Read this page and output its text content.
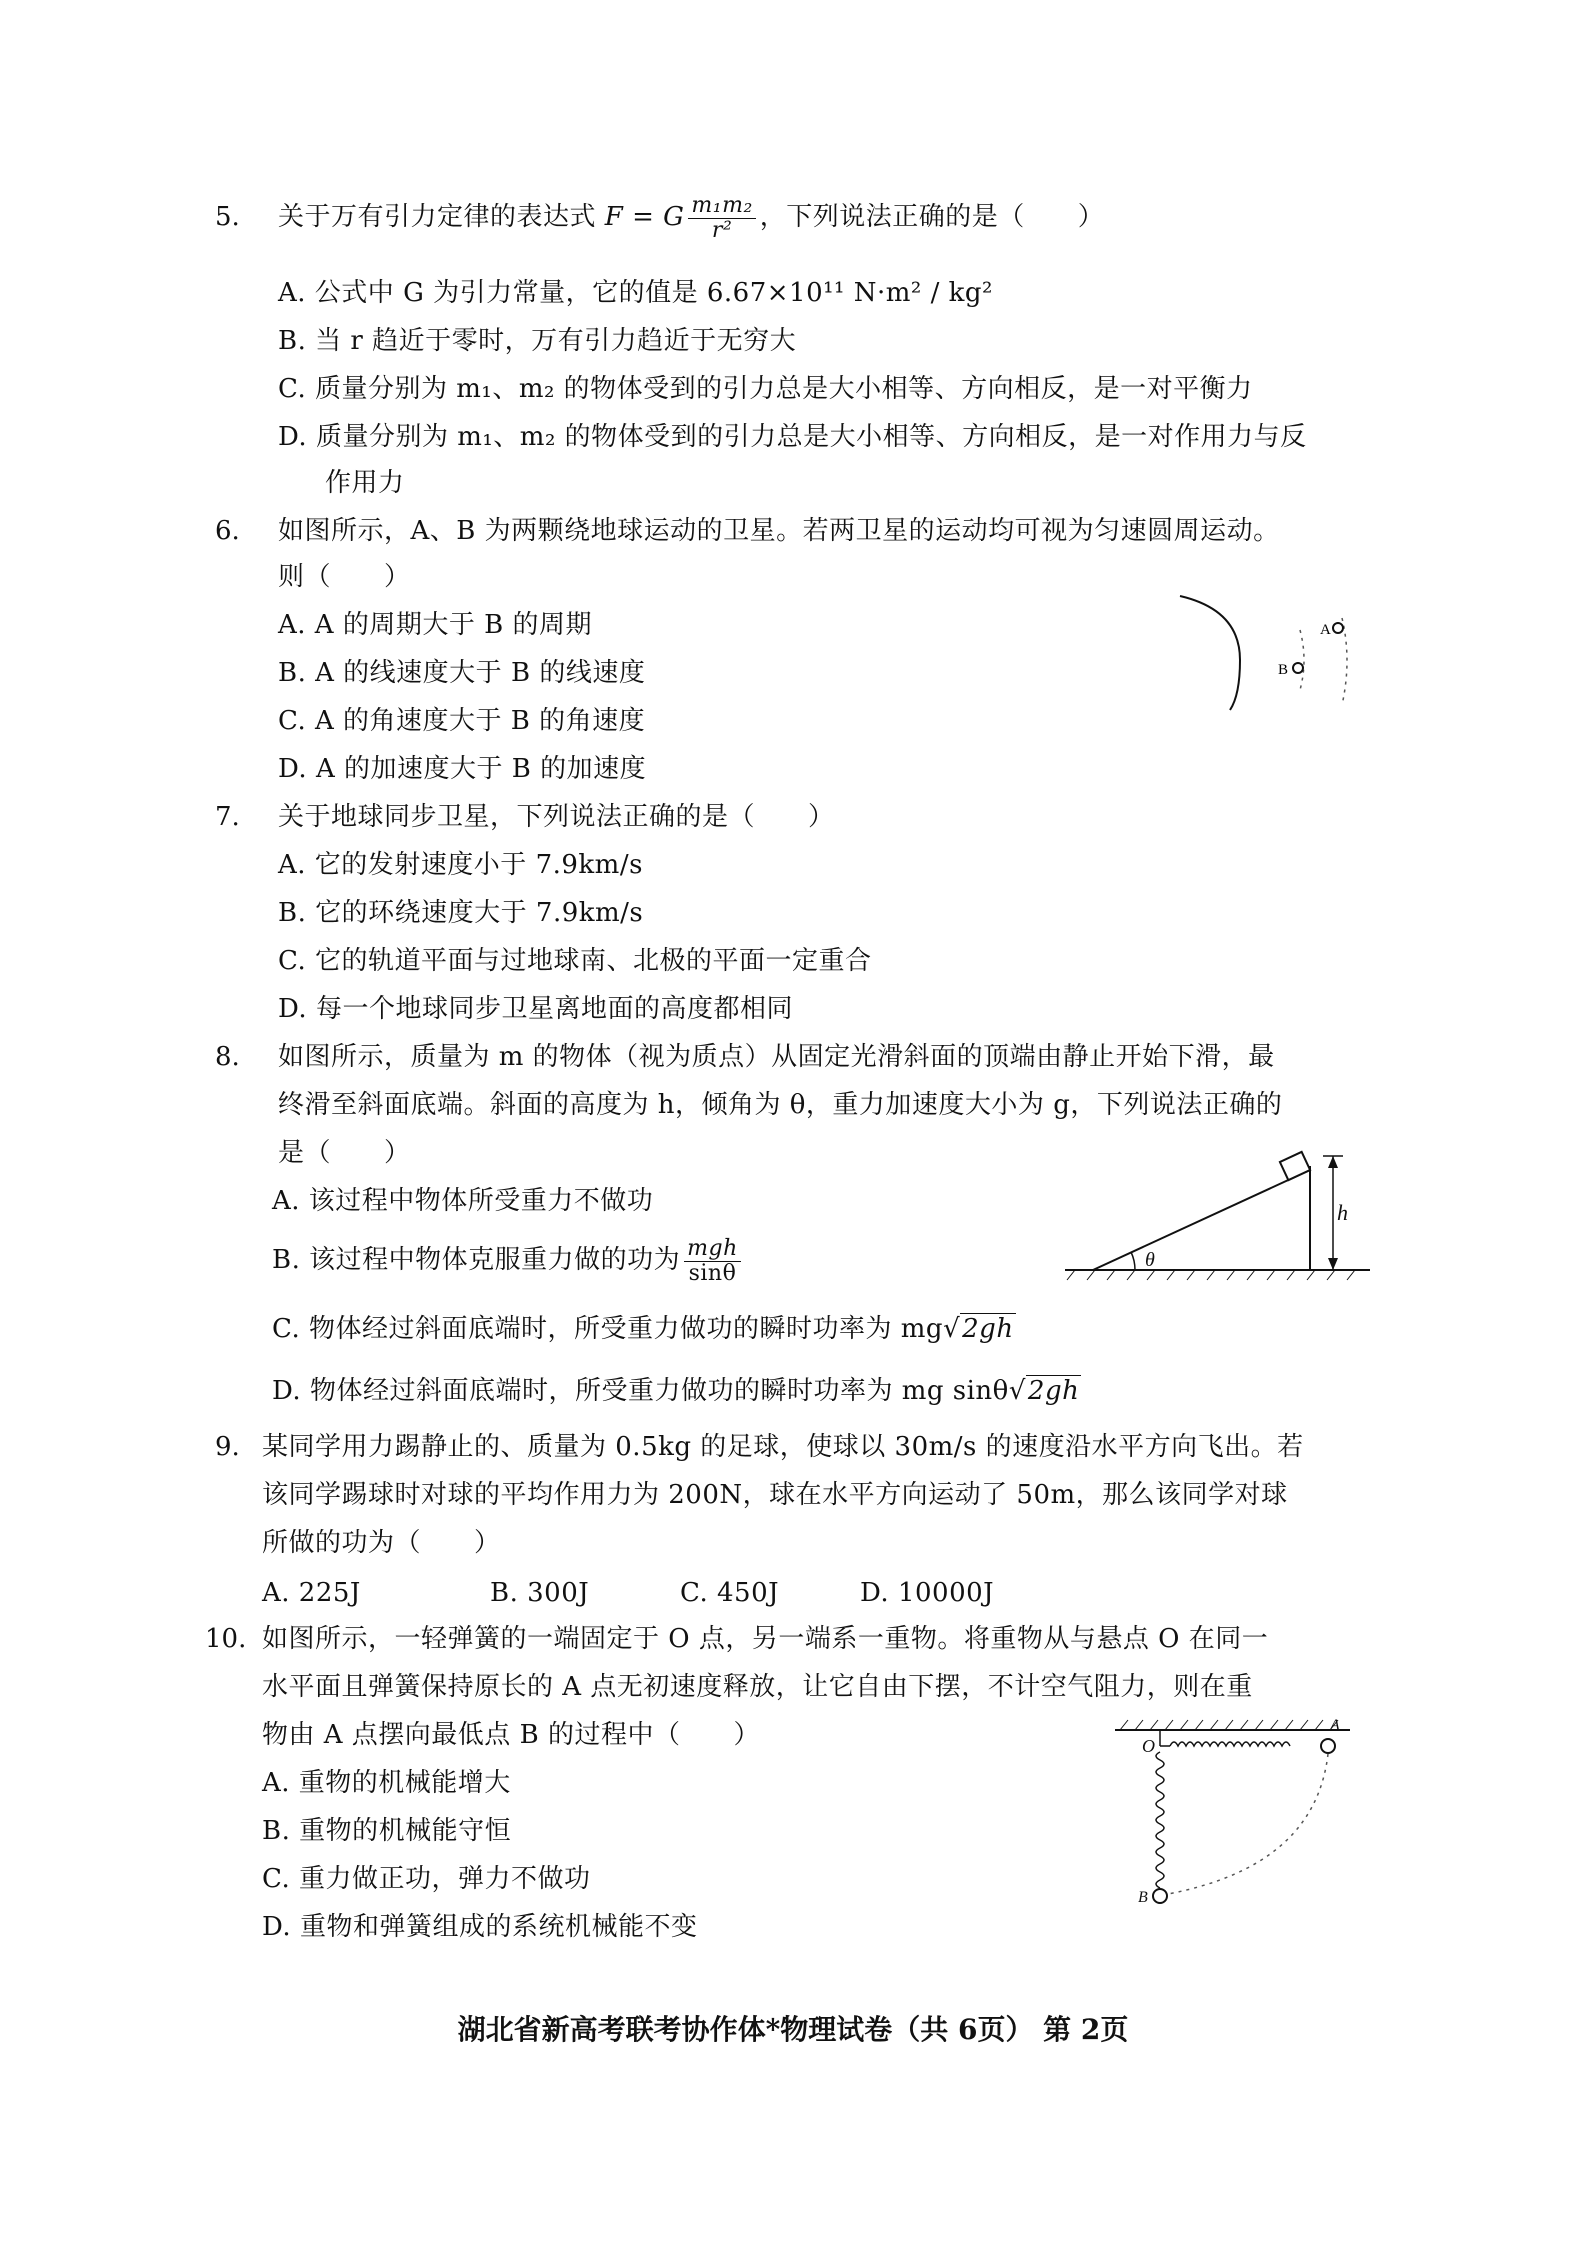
5. 关于万有引力定律的表达式 F = G $\frac{\text{m₁m₂}}{\text{r²}}$ ，下列说法正确的是（　　）
A. 公式中 G 为引力常量，它的值是 6.67×10¹¹ N·m² / kg²
B. 当 r 趋近于零时，万有引力趋近于无穷大
C. 质量分别为 m₁、m₂ 的物体受到的引力总是大小相等、方向相反，是一对平衡力
D. 质量分别为 m₁、m₂ 的物体受到的引力总是大小相等、方向相反，是一对作用力与反
作用力
6. 如图所示，A、B 为两颗绕地球运动的卫星。若两卫星的运动均可视为匀速圆周运动。
则（　　）
A. A 的周期大于 B 的周期
B. A 的线速度大于 B 的线速度
C. A 的角速度大于 B 的角速度
D. A 的加速度大于 B 的加速度
A
B
7. 关于地球同步卫星，下列说法正确的是（　　）
A. 它的发射速度小于 7.9km/s
B. 它的环绕速度大于 7.9km/s
C. 它的轨道平面与过地球南、北极的平面一定重合
D. 每一个地球同步卫星离地面的高度都相同
8. 如图所示，质量为 m 的物体（视为质点）从固定光滑斜面的顶端由静止开始下滑，最
终滑至斜面底端。斜面的高度为 h，倾角为 θ，重力加速度大小为 g，下列说法正确的
是（　　）
A. 该过程中物体所受重力不做功
B. 该过程中物体克服重力做的功为 $\frac{\text{mgh}}{\sin\theta}$
C. 物体经过斜面底端时，所受重力做功的瞬时功率为 mg√2gh
D. 物体经过斜面底端时，所受重力做功的瞬时功率为 mg sinθ√2gh
h
θ
9. 某同学用力踢静止的、质量为 0.5kg 的足球，使球以 30m/s 的速度沿水平方向飞出。若
该同学踢球时对球的平均作用力为 200N，球在水平方向运动了 50m，那么该同学对球
所做的功为（　　）
A. 225J	B. 300J	C. 450J	D. 10000J
10. 如图所示，一轻弹簧的一端固定于 O 点，另一端系一重物。将重物从与悬点 O 在同一
水平面且弹簧保持原长的 A 点无初速度释放，让它自由下摆，不计空气阻力，则在重
物由 A 点摆向最低点 B 的过程中（　　）
A. 重物的机械能增大
B. 重物的机械能守恒
C. 重力做正功，弹力不做功
D. 重物和弹簧组成的系统机械能不变
O
A
B
湖北省新高考联考协作体*物理试卷（共 6页） 第 2页
